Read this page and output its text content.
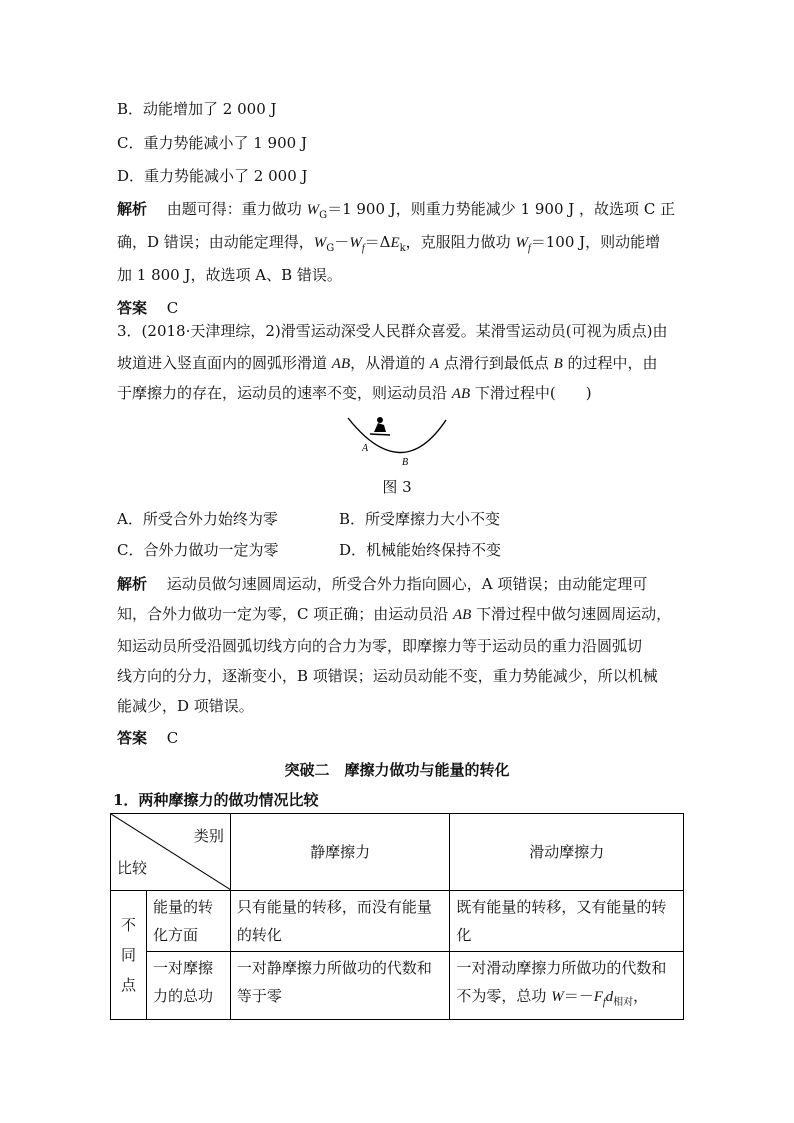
B．动能增加了 2 000 J
C．重力势能减小了 1 900 J
D．重力势能减小了 2 000 J
解析　 由题可得：重力做功 $W_G=1$ 900 J，则重力势能减少 1 900 J ，故选项 C 正
确，D 错误；由动能定理得，$W_G-W_f=\Delta E_k$，克服阻力做功 $W_f=100$ J，则动能增
加 1 800 J，故选项 A、B 错误。
答案　 C
3．(2018·天津理综，2)滑雪运动深受人民群众喜爱。某滑雪运动员(可视为质点)由
坡道进入竖直面内的圆弧形滑道 AB，从滑道的 A 点滑行到最低点 B 的过程中，由
于摩擦力的存在，运动员的速率不变，则运动员沿 AB 下滑过程中(　　)
A
B
图 3
A．所受合外力始终为零	B．所受摩擦力大小不变
C．合外力做功一定为零	D．机械能始终保持不变
解析　 运动员做匀速圆周运动，所受合外力指向圆心，A 项错误；由动能定理可
知，合外力做功一定为零，C 项正确；由运动员沿 AB 下滑过程中做匀速圆周运动，
知运动员所受沿圆弧切线方向的合力为零，即摩擦力等于运动员的重力沿圆弧切
线方向的分力，逐渐变小，B 项错误；运动员动能不变，重力势能减少，所以机械
能减少，D 项错误。
答案　 C
突破二　摩擦力做功与能量的转化
1．两种摩擦力的做功情况比较
类别
比较		静摩擦力	滑动摩擦力
不同点	能量的转化方面	只有能量的转移，而没有能量的转化	既有能量的转移，又有能量的转化
	一对摩擦力的总功	一对静摩擦力所做功的代数和等于零	一对滑动摩擦力所做功的代数和不为零，总功 $W=-F_fd_{相对}$，
